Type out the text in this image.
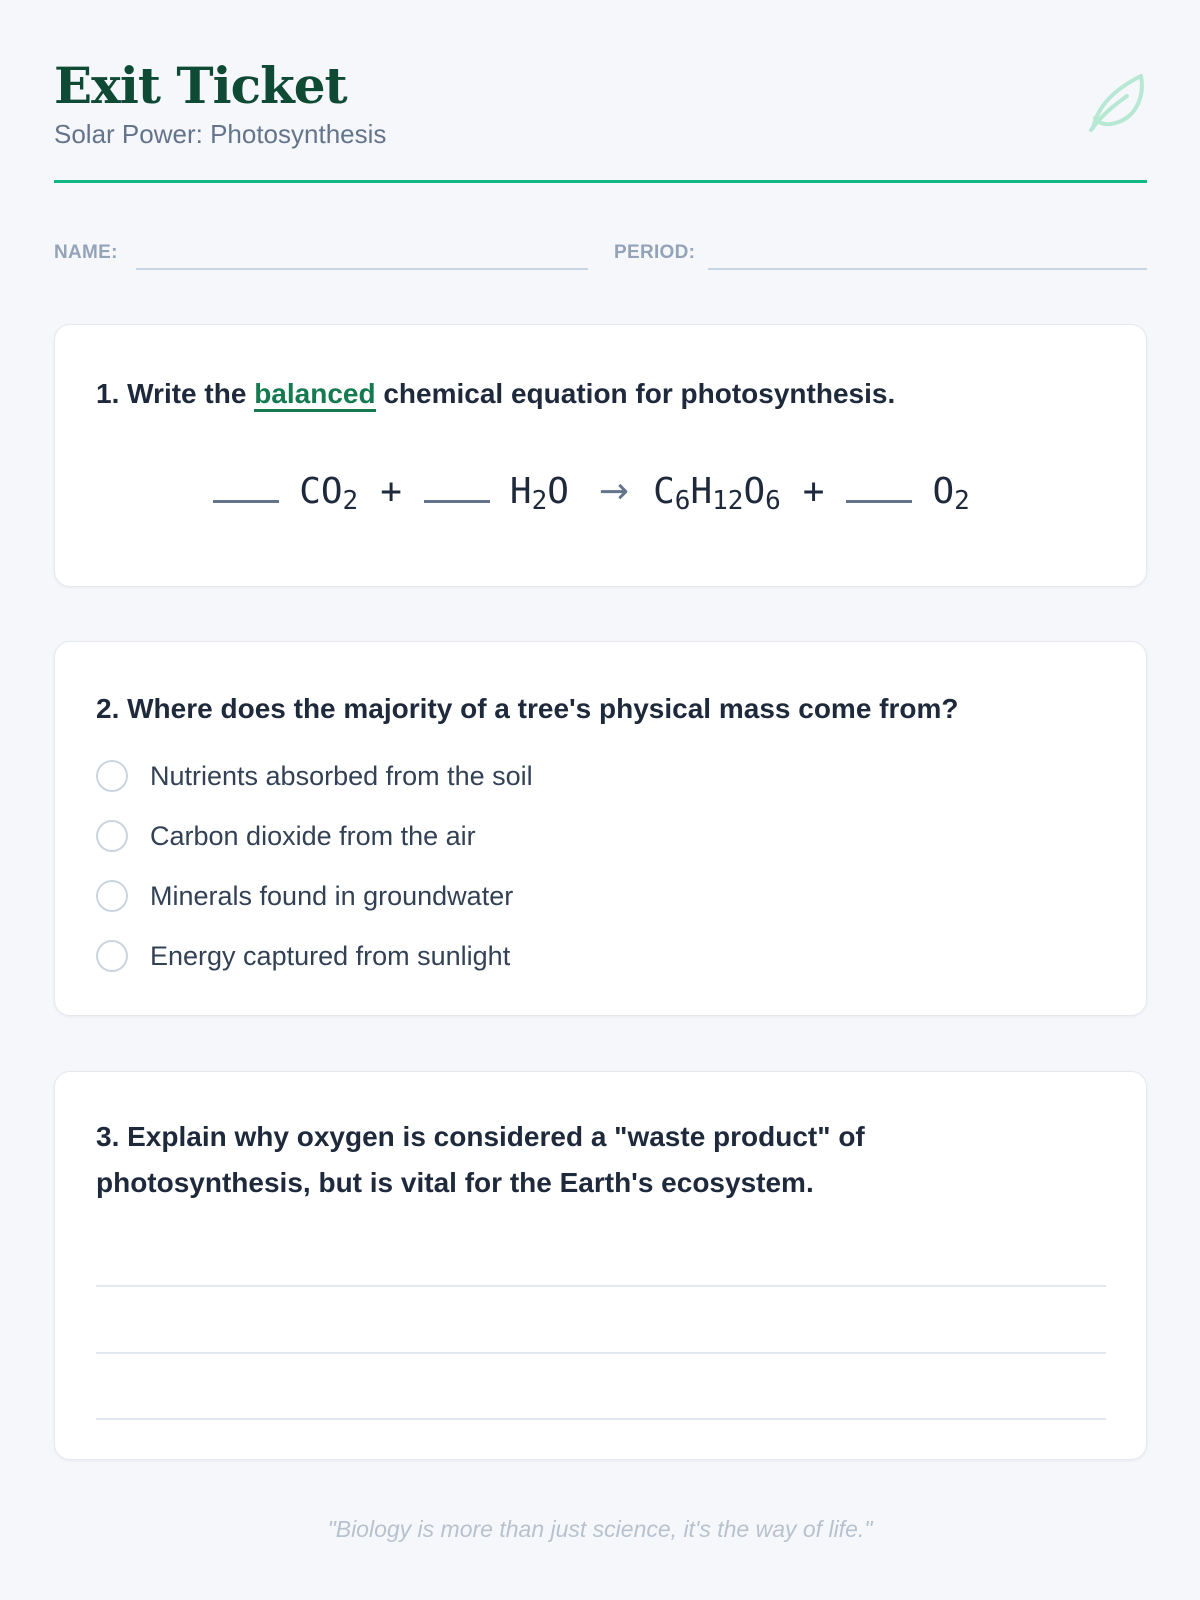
Exit Ticket
Solar Power: Photosynthesis
NAME:	PERIOD:
1. Write the balanced chemical equation for photosynthesis.
$CO_2$ +	$H_2O \to C_6H_{12}O_6$ +	$O_2$
2. Where does the majority of a tree's physical mass come from?
Nutrients absorbed from the soil
Carbon dioxide from the air
Minerals found in groundwater
Energy captured from sunlight
3. Explain why oxygen is considered a "waste product" of
photosynthesis, but is vital for the Earth's ecosystem.
"Biology is more than just science, it's the way of life."
